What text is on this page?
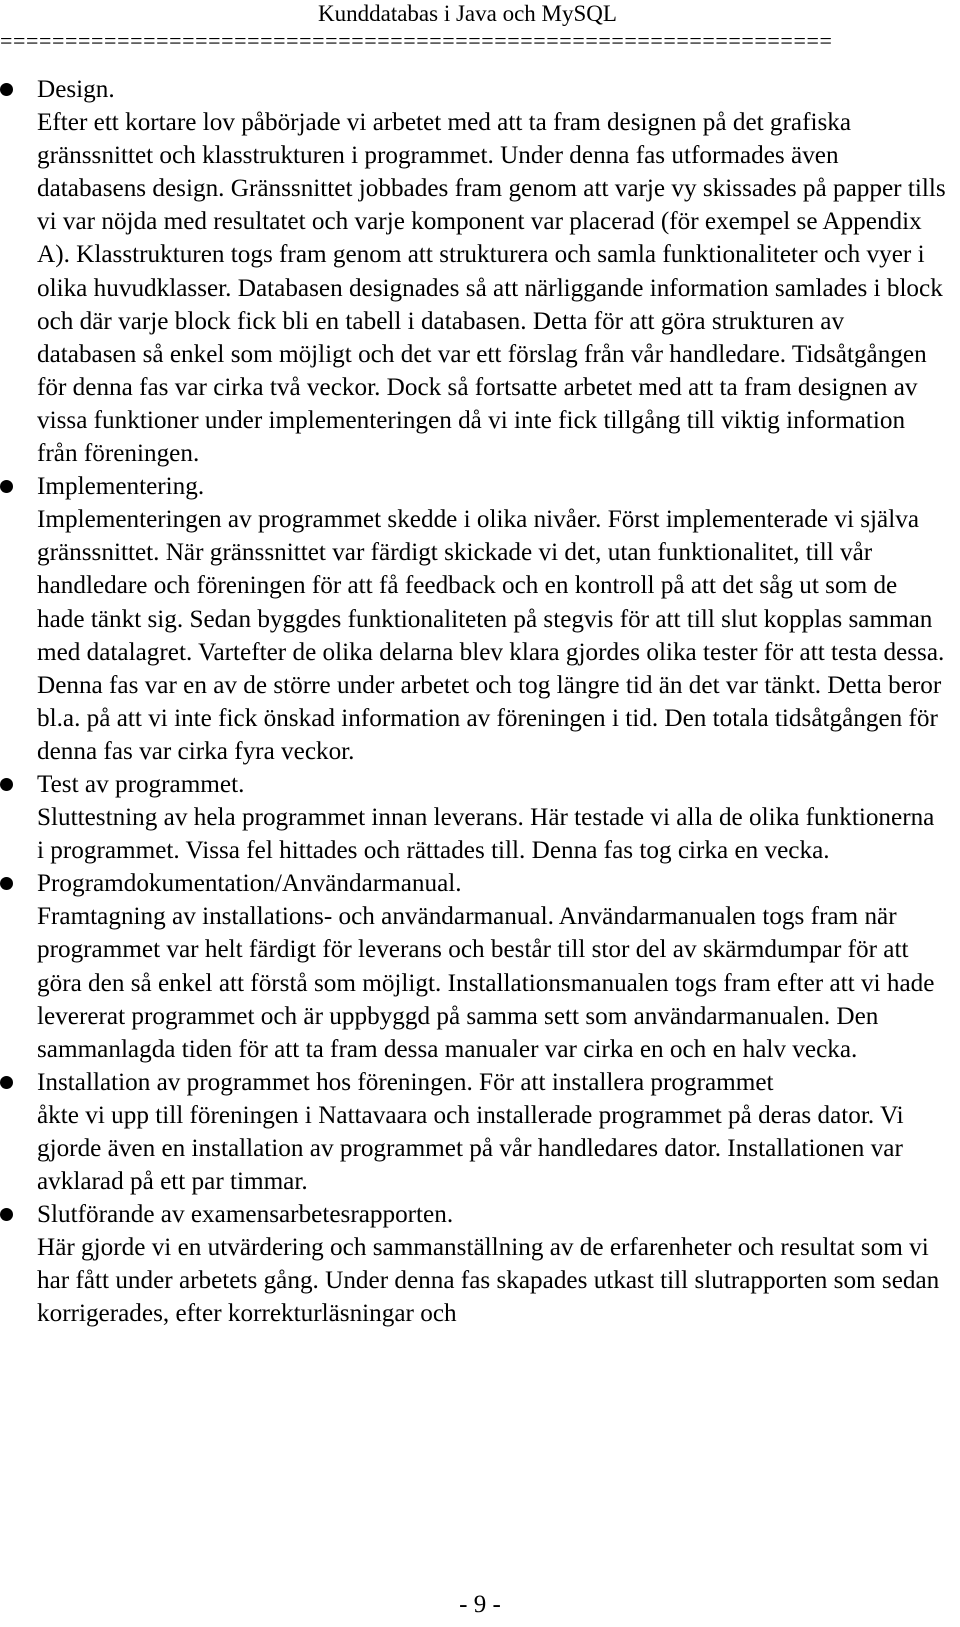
Kunddatabas i Java och MySQL
================================================================
Design.
Efter ett kortare lov påbörjade vi arbetet med att ta fram designen på det grafiska gränssnittet och klasstrukturen i programmet. Under denna fas utformades även databasens design. Gränssnittet jobbades fram genom att varje vy skissades på papper tills vi var nöjda med resultatet och varje komponent var placerad (för exempel se Appendix A). Klasstrukturen togs fram genom att strukturera och samla funktionaliteter och vyer i olika huvudklasser. Databasen designades så att närliggande information samlades i block och där varje block fick bli en tabell i databasen. Detta för att göra strukturen av databasen så enkel som möjligt och det var ett förslag från vår handledare. Tidsåtgången för denna fas var cirka två veckor. Dock så fortsatte arbetet med att ta fram designen av vissa funktioner under implementeringen då vi inte fick tillgång till viktig information från föreningen.
Implementering.
Implementeringen av programmet skedde i olika nivåer. Först implementerade vi själva gränssnittet. När gränssnittet var färdigt skickade vi det, utan funktionalitet, till vår handledare och föreningen för att få feedback och en kontroll på att det såg ut som de hade tänkt sig. Sedan byggdes funktionaliteten på stegvis för att till slut kopplas samman med datalagret. Vartefter de olika delarna blev klara gjordes olika tester för att testa dessa. Denna fas var en av de större under arbetet och tog längre tid än det var tänkt. Detta beror bl.a. på att vi inte fick önskad information av föreningen i tid. Den totala tidsåtgången för denna fas var cirka fyra veckor.
Test av programmet.
Sluttestning av hela programmet innan leverans. Här testade vi alla de olika funktionerna i programmet. Vissa fel hittades och rättades till. Denna fas tog cirka en vecka.
Programdokumentation/Användarmanual.
Framtagning av installations- och användarmanual. Användarmanualen togs fram när programmet var helt färdigt för leverans och består till stor del av skärmdumpar för att göra den så enkel att förstå som möjligt. Installationsmanualen togs fram efter att vi hade levererat programmet och är uppbyggd på samma sett som användarmanualen. Den sammanlagda tiden för att ta fram dessa manualer var cirka en och en halv vecka.
Installation av programmet hos föreningen. För att installera programmet
åkte vi upp till föreningen i Nattavaara och installerade programmet på deras dator. Vi gjorde även en installation av programmet på vår handledares dator. Installationen var avklarad på ett par timmar.
Slutförande av examensarbetesrapporten.
Här gjorde vi en utvärdering och sammanställning av de erfarenheter och resultat som vi har fått under arbetets gång. Under denna fas skapades utkast till slutrapporten som sedan korrigerades, efter korrekturläsningar och
- 9 -
